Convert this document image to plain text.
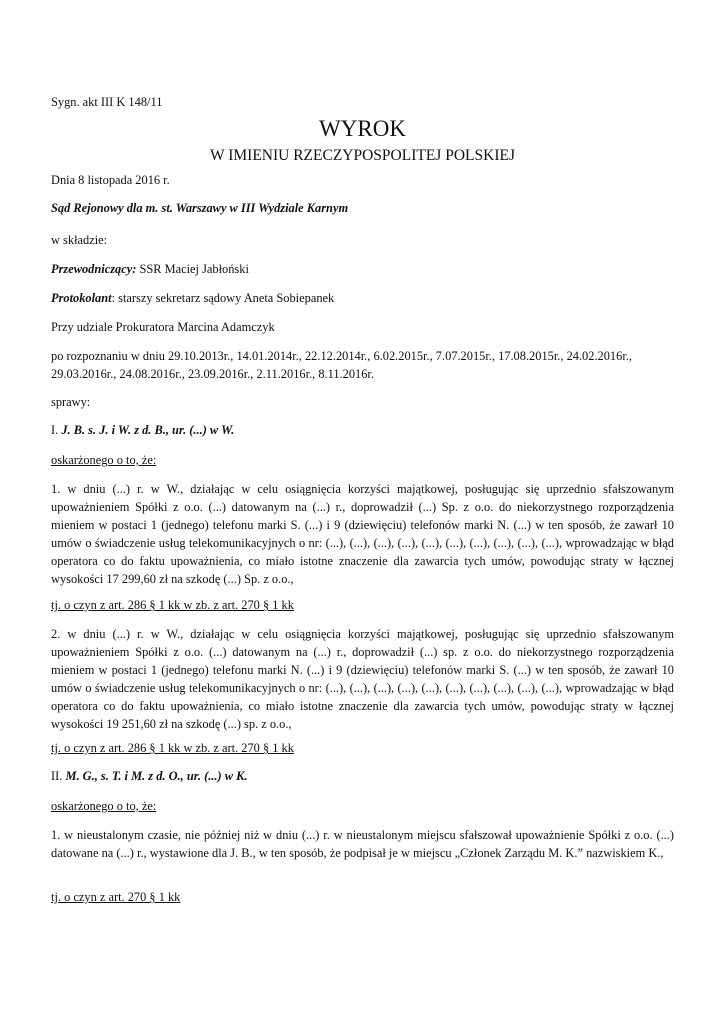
Sygn. akt III K 148/11

WYROK

W IMIENIU RZECZYPOSPOLITEJ POLSKIEJ

Dnia 8 listopada 2016 r.

Sąd Rejonowy dla m. st. Warszawy w III Wydziale Karnym

w składzie:

Przewodniczący: SSR Maciej Jabłoński

Protokolant: starszy sekretarz sądowy Aneta Sobiepanek

Przy udziale Prokuratora Marcina Adamczyk

po rozpoznaniu w dniu 29.10.2013r., 14.01.2014r., 22.12.2014r., 6.02.2015r., 7.07.2015r., 17.08.2015r., 24.02.2016r., 29.03.2016r., 24.08.2016r., 23.09.2016r., 2.11.2016r., 8.11.2016r.

sprawy:

I. J. B. s. J. i W. z d. B., ur. (...) w W.

oskarżonego o to, że:

1. w dniu (...) r. w W., działając w celu osiągnięcia korzyści majątkowej, posługując się uprzednio sfałszowanym upoważnieniem Spółki z o.o. (...) datowanym na (...) r., doprowadził (...) Sp. z o.o. do niekorzystnego rozporządzenia mieniem w postaci 1 (jednego) telefonu marki S. (...) i 9 (dziewięciu) telefonów marki N. (...) w ten sposób, że zawarł 10 umów o świadczenie usług telekomunikacyjnych o nr: (...), (...), (...), (...), (...), (...), (...), (...), (...), (...), wprowadzając w błąd operatora co do faktu upoważnienia, co miało istotne znaczenie dla zawarcia tych umów, powodując straty w łącznej wysokości 17 299,60 zł na szkodę (...) Sp. z o.o.,

tj. o czyn z art. 286 § 1 kk w zb. z art. 270 § 1 kk

2. w dniu (...) r. w W., działając w celu osiągnięcia korzyści majątkowej, posługując się uprzednio sfałszowanym upoważnieniem Spółki z o.o. (...) datowanym na (...) r., doprowadził (...) sp. z o.o. do niekorzystnego rozporządzenia mieniem w postaci 1 (jednego) telefonu marki N. (...) i 9 (dziewięciu) telefonów marki S. (...) w ten sposób, że zawarł 10 umów o świadczenie usług telekomunikacyjnych o nr: (...), (...), (...), (...), (...), (...), (...), (...), (...), (...), wprowadzając w błąd operatora co do faktu upoważnienia, co miało istotne znaczenie dla zawarcia tych umów, powodując straty w łącznej wysokości 19 251,60 zł na szkodę (...) sp. z o.o.,

tj. o czyn z art. 286 § 1 kk w zb. z art. 270 § 1 kk

II. M. G., s. T. i M. z d. O., ur. (...) w K.

oskarżonego o to, że:

1. w nieustalonym czasie, nie później niż w dniu (...) r. w nieustalonym miejscu sfałszował upoważnienie Spółki z o.o. (...) datowane na (...) r., wystawione dla J. B., w ten sposób, że podpisał je w miejscu „Członek Zarządu M. K.” nazwiskiem K.,

tj. o czyn z art. 270 § 1 kk
